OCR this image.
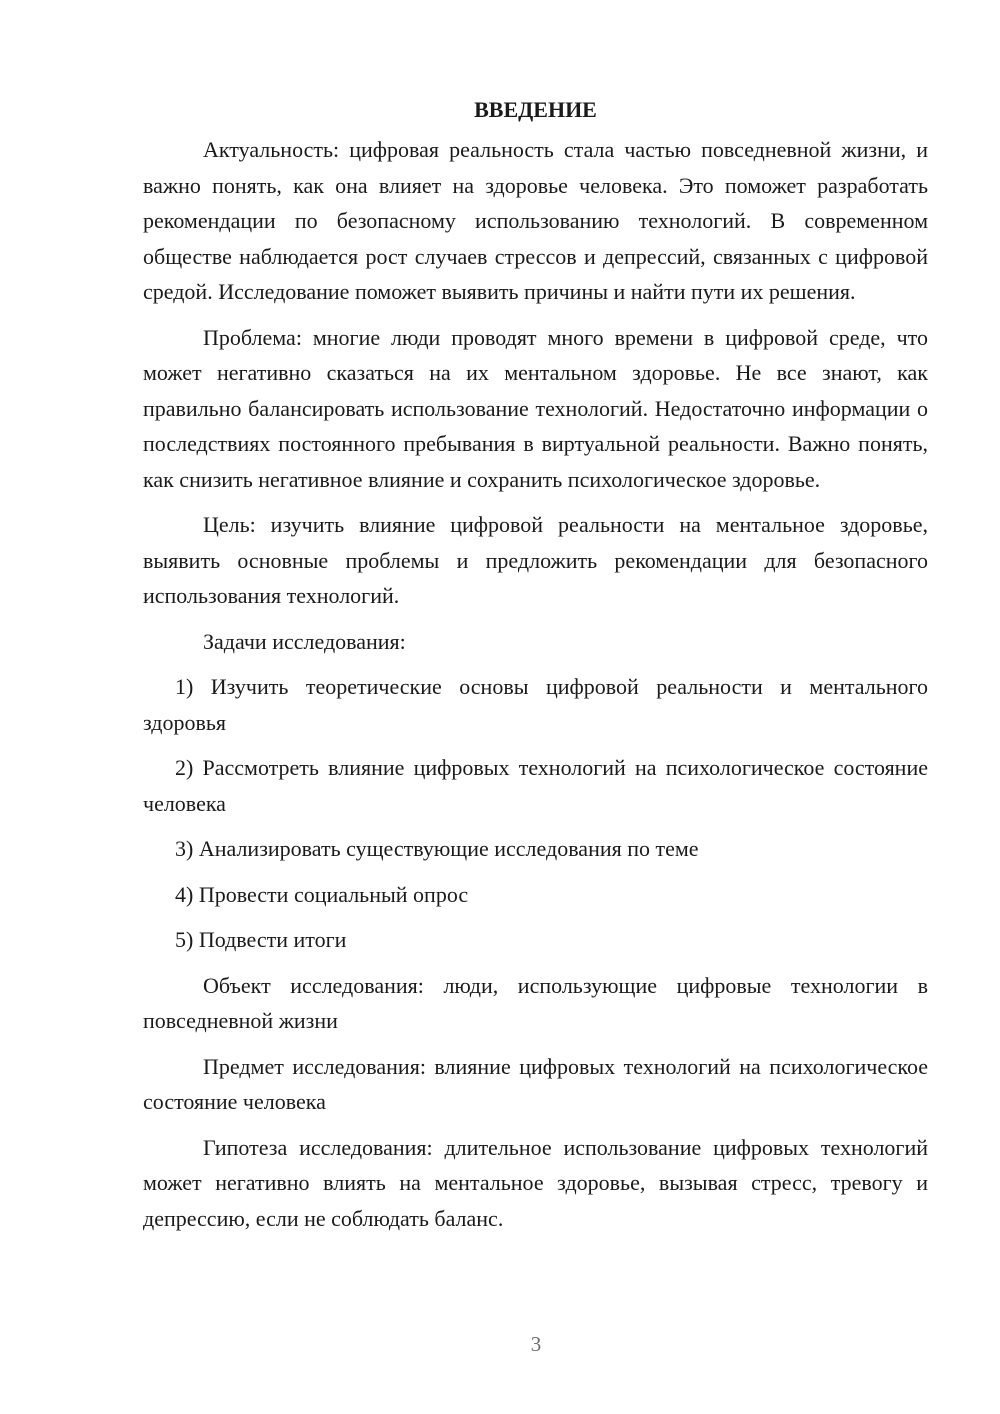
ВВЕДЕНИЕ

Актуальность: цифровая реальность стала частью повседневной жизни, и важно понять, как она влияет на здоровье человека. Это поможет разработать рекомендации по безопасному использованию технологий. В современном обществе наблюдается рост случаев стрессов и депрессий, связанных с цифровой средой. Исследование поможет выявить причины и найти пути их решения.

Проблема: многие люди проводят много времени в цифровой среде, что может негативно сказаться на их ментальном здоровье. Не все знают, как правильно балансировать использование технологий. Недостаточно информации о последствиях постоянного пребывания в виртуальной реальности. Важно понять, как снизить негативное влияние и сохранить психологическое здоровье.

Цель: изучить влияние цифровой реальности на ментальное здоровье, выявить основные проблемы и предложить рекомендации для безопасного использования технологий.

Задачи исследования:

1) Изучить теоретические основы цифровой реальности и ментального здоровья

2) Рассмотреть влияние цифровых технологий на психологическое состояние человека

3) Анализировать существующие исследования по теме

4) Провести социальный опрос

5) Подвести итоги

Объект исследования: люди, использующие цифровые технологии в повседневной жизни

Предмет исследования: влияние цифровых технологий на психологическое состояние человека

Гипотеза исследования: длительное использование цифровых технологий может негативно влиять на ментальное здоровье, вызывая стресс, тревогу и депрессию, если не соблюдать баланс.

3
